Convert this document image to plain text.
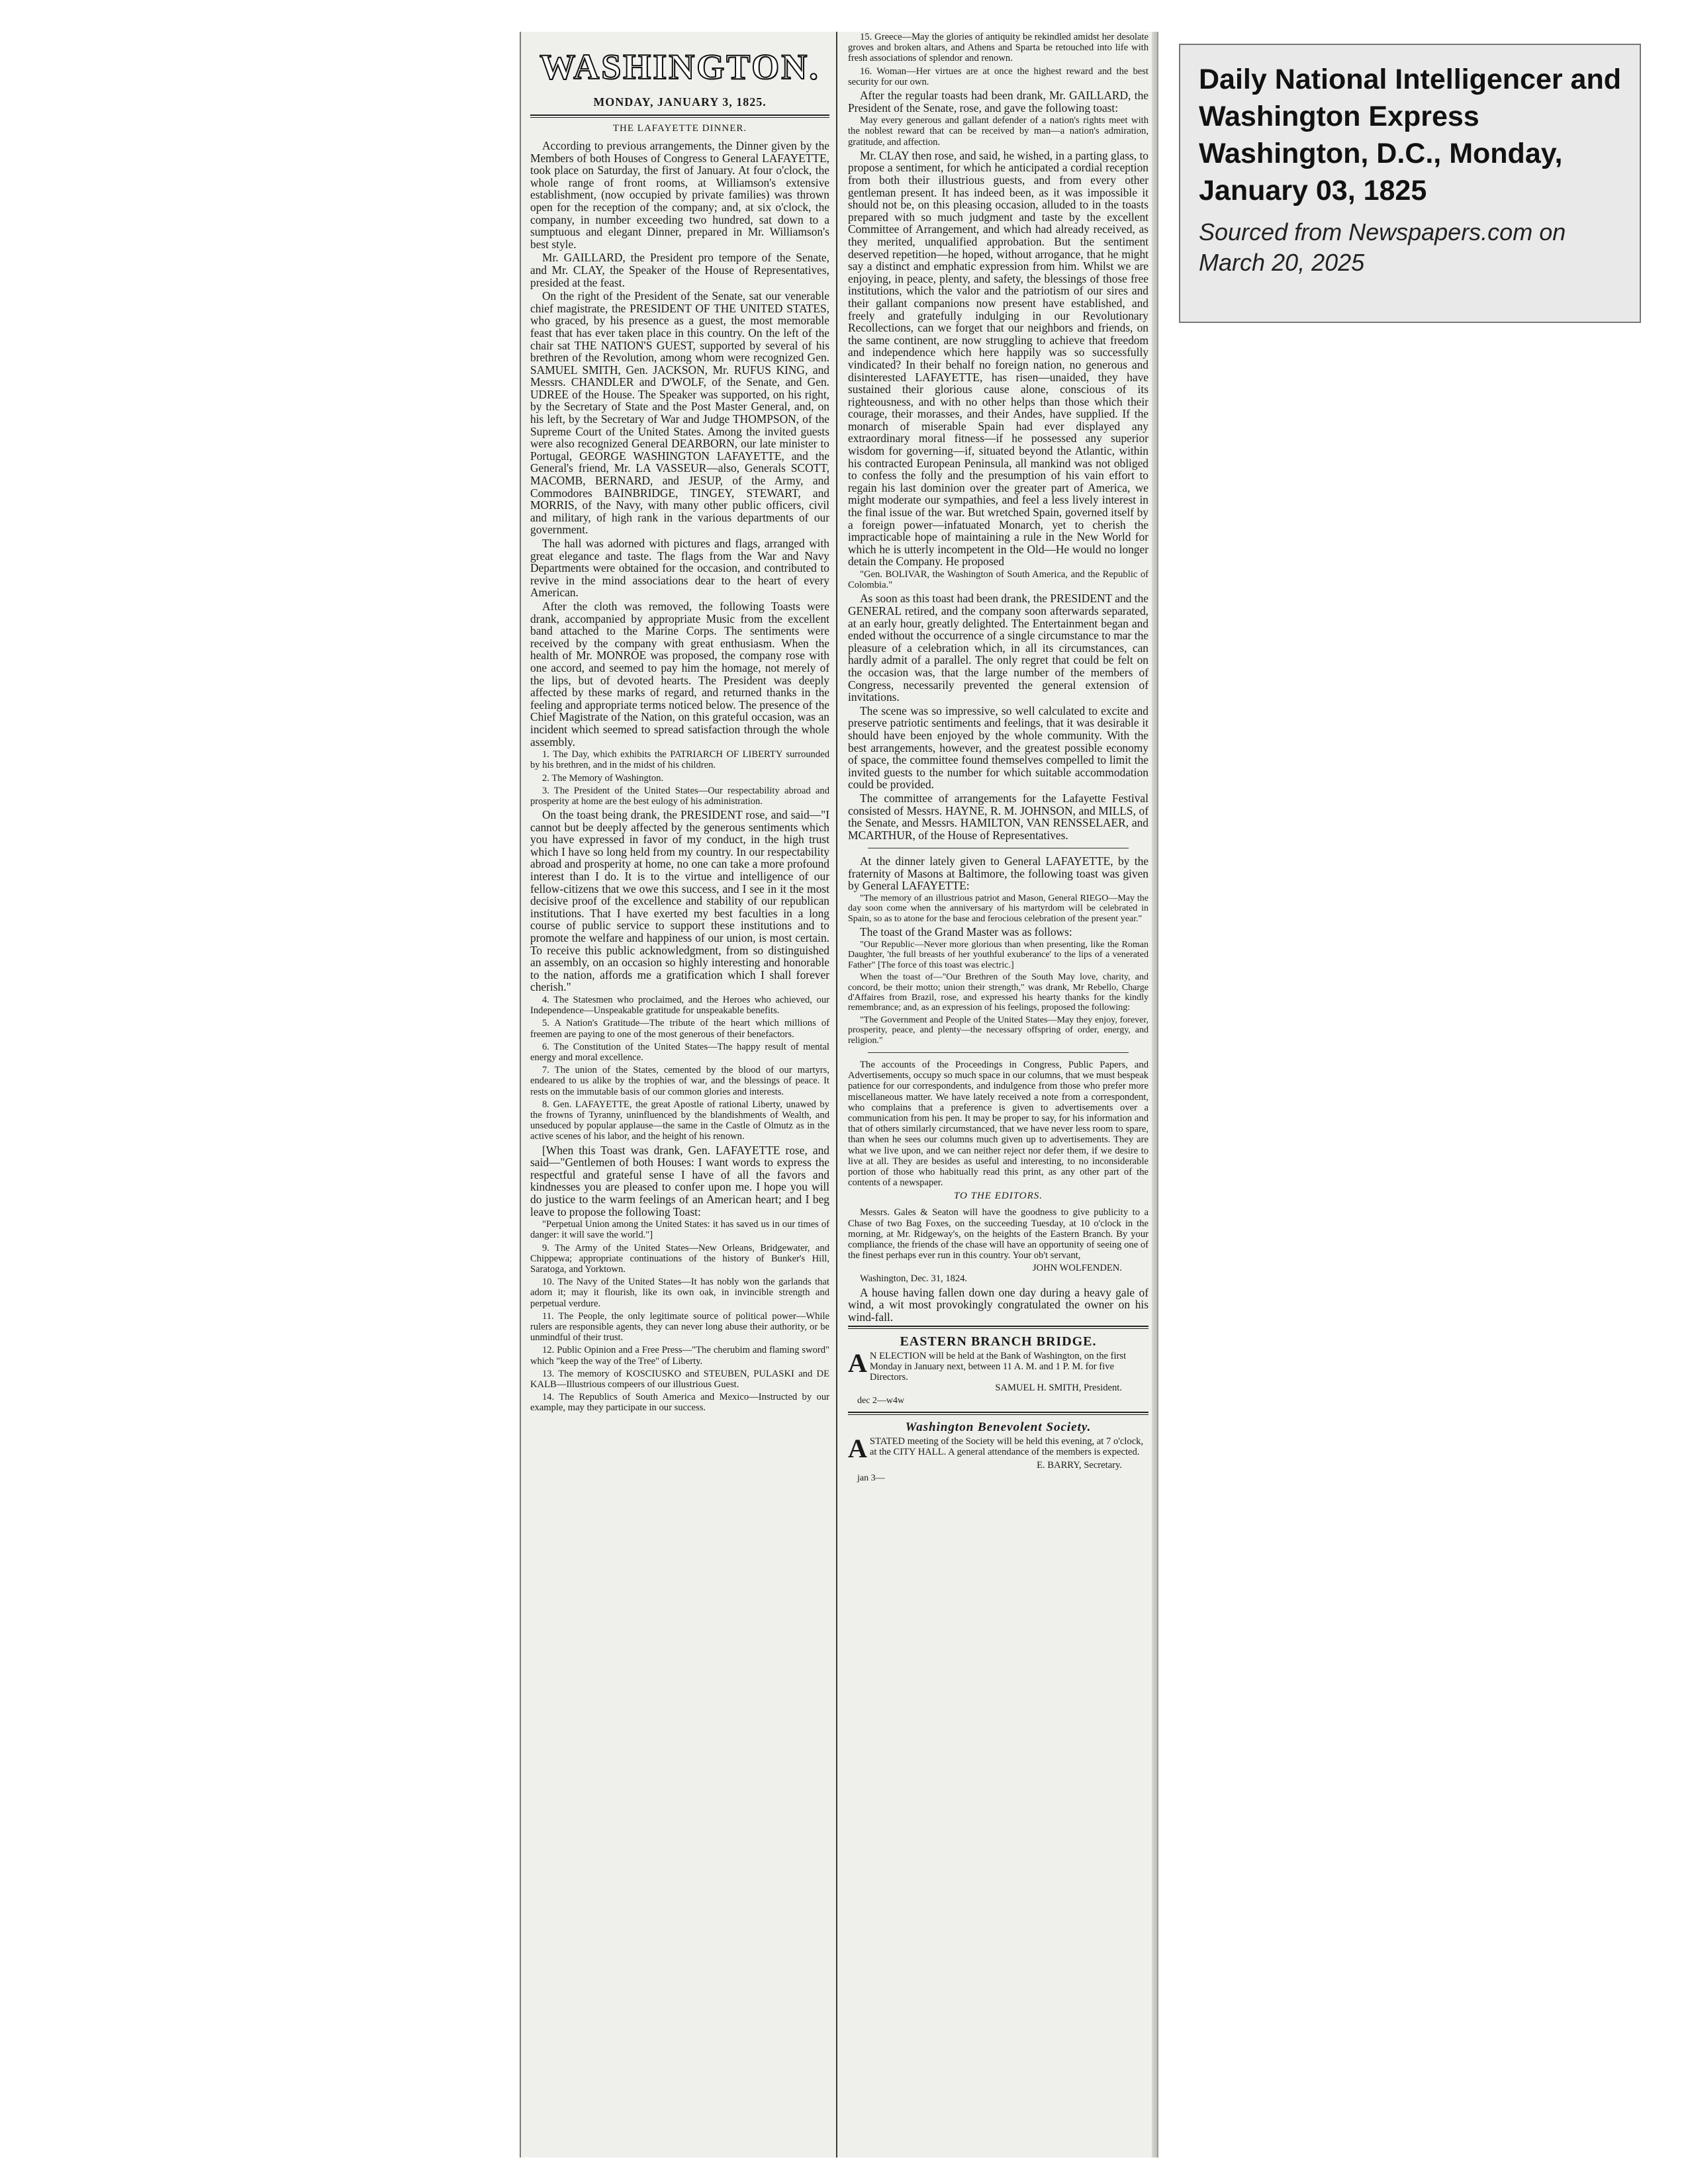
WASHINGTON.
MONDAY, JANUARY 3, 1825.
THE LAFAYETTE DINNER.

According to previous arrangements, the Dinner given by the Members of both Houses of Congress to General LAFAYETTE, took place on Saturday, the first of January. At four o'clock, the whole range of front rooms, at Williamson's extensive establishment, (now occupied by private families) was thrown open for the reception of the company; and, at six o'clock, the company, in number exceeding two hundred, sat down to a sumptuous and elegant Dinner, prepared in Mr. Williamson's best style.

Mr. GAILLARD, the President pro tempore of the Senate, and Mr. CLAY, the Speaker of the House of Representatives, presided at the feast.

On the right of the President of the Senate, sat our venerable chief magistrate, the PRESIDENT OF THE UNITED STATES, who graced, by his presence as a guest, the most memorable feast that has ever taken place in this country. On the left of the chair sat THE NATION'S GUEST, supported by several of his brethren of the Revolution, among whom were recognized Gen. SAMUEL SMITH, Gen. JACKSON, Mr. RUFUS KING, and Messrs. CHANDLER and D'WOLF, of the Senate, and Gen. UDREE of the House. The Speaker was supported, on his right, by the Secretary of State and the Post Master General, and, on his left, by the Secretary of War and Judge THOMPSON, of the Supreme Court of the United States. Among the invited guests were also recognized General DEARBORN, our late minister to Portugal, GEORGE WASHINGTON LAFAYETTE, and the General's friend, Mr. LA VASSEUR—also, Generals SCOTT, MACOMB, BERNARD, and JESUP, of the Army, and Commodores BAINBRIDGE, TINGEY, STEWART, and MORRIS, of the Navy, with many other public officers, civil and military, of high rank in the various departments of our government.

The hall was adorned with pictures and flags, arranged with great elegance and taste. The flags from the War and Navy Departments were obtained for the occasion, and contributed to revive in the mind associations dear to the heart of every American.

After the cloth was removed, the following Toasts were drank, accompanied by appropriate Music from the excellent band attached to the Marine Corps. The sentiments were received by the company with great enthusiasm. When the health of Mr. MONROE was proposed, the company rose with one accord, and seemed to pay him the homage, not merely of the lips, but of devoted hearts. The President was deeply affected by these marks of regard, and returned thanks in the feeling and appropriate terms noticed below. The presence of the Chief Magistrate of the Nation, on this grateful occasion, was an incident which seemed to spread satisfaction through the whole assembly.

1. The Day, which exhibits the PATRIARCH OF LIBERTY surrounded by his brethren, and in the midst of his children.

2. The Memory of Washington.

3. The President of the United States—Our respectability abroad and prosperity at home are the best eulogy of his administration.

On the toast being drank, the PRESIDENT rose, and said—"I cannot but be deeply affected by the generous sentiments which you have expressed in favor of my conduct, in the high trust which I have so long held from my country. In our respectability abroad and prosperity at home, no one can take a more profound interest than I do. It is to the virtue and intelligence of our fellow-citizens that we owe this success, and I see in it the most decisive proof of the excellence and stability of our republican institutions. That I have exerted my best faculties in a long course of public service to support these institutions and to promote the welfare and happiness of our union, is most certain. To receive this public acknowledgment, from so distinguished an assembly, on an occasion so highly interesting and honorable to the nation, affords me a gratification which I shall forever cherish."

4. The Statesmen who proclaimed, and the Heroes who achieved, our Independence—Unspeakable gratitude for unspeakable benefits.

5. A Nation's Gratitude—The tribute of the heart which millions of freemen are paying to one of the most generous of their benefactors.

6. The Constitution of the United States—The happy result of mental energy and moral excellence.

7. The union of the States, cemented by the blood of our martyrs, endeared to us alike by the trophies of war, and the blessings of peace. It rests on the immutable basis of our common glories and interests.

8. Gen. LAFAYETTE, the great Apostle of rational Liberty, unawed by the frowns of Tyranny, uninfluenced by the blandishments of Wealth, and unseduced by popular applause—the same in the Castle of Olmutz as in the active scenes of his labor, and the height of his renown.

[When this Toast was drank, Gen. LAFAYETTE rose, and said—"Gentlemen of both Houses: I want words to express the respectful and grateful sense I have of all the favors and kindnesses you are pleased to confer upon me. I hope you will do justice to the warm feelings of an American heart; and I beg leave to propose the following Toast:

"Perpetual Union among the United States: it has saved us in our times of danger: it will save the world."]

9. The Army of the United States—New Orleans, Bridgewater, and Chippewa; appropriate continuations of the history of Bunker's Hill, Saratoga, and Yorktown.

10. The Navy of the United States—It has nobly won the garlands that adorn it; may it flourish, like its own oak, in invincible strength and perpetual verdure.

11. The People, the only legitimate source of political power—While rulers are responsible agents, they can never long abuse their authority, or be unmindful of their trust.

12. Public Opinion and a Free Press—"The cherubim and flaming sword" which "keep the way of the Tree" of Liberty.

13. The memory of KOSCIUSKO and STEUBEN, PULASKI and DE KALB—Illustrious compeers of our illustrious Guest.

14. The Republics of South America and Mexico—Instructed by our example, may they participate in our success.

15. Greece—May the glories of antiquity be rekindled amidst her desolate groves and broken altars, and Athens and Sparta be retouched into life with fresh associations of splendor and renown.

16. Woman—Her virtues are at once the highest reward and the best security for our own.

After the regular toasts had been drank, Mr. GAILLARD, the President of the Senate, rose, and gave the following toast:

May every generous and gallant defender of a nation's rights meet with the noblest reward that can be received by man—a nation's admiration, gratitude, and affection.

Mr. CLAY then rose, and said, he wished, in a parting glass, to propose a sentiment, for which he anticipated a cordial reception from both their illustrious guests, and from every other gentleman present. It has indeed been, as it was impossible it should not be, on this pleasing occasion, alluded to in the toasts prepared with so much judgment and taste by the excellent Committee of Arrangement, and which had already received, as they merited, unqualified approbation. But the sentiment deserved repetition—he hoped, without arrogance, that he might say a distinct and emphatic expression from him. Whilst we are enjoying, in peace, plenty, and safety, the blessings of those free institutions, which the valor and the patriotism of our sires and their gallant companions now present have established, and freely and gratefully indulging in our Revolutionary Recollections, can we forget that our neighbors and friends, on the same continent, are now struggling to achieve that freedom and independence which here happily was so successfully vindicated? In their behalf no foreign nation, no generous and disinterested LAFAYETTE, has risen—unaided, they have sustained their glorious cause alone, conscious of its righteousness, and with no other helps than those which their courage, their morasses, and their Andes, have supplied. If the monarch of miserable Spain had ever displayed any extraordinary moral fitness—if he possessed any superior wisdom for governing—if, situated beyond the Atlantic, within his contracted European Peninsula, all mankind was not obliged to confess the folly and the presumption of his vain effort to regain his last dominion over the greater part of America, we might moderate our sympathies, and feel a less lively interest in the final issue of the war. But wretched Spain, governed itself by a foreign power—infatuated Monarch, yet to cherish the impracticable hope of maintaining a rule in the New World for which he is utterly incompetent in the Old—He would no longer detain the Company. He proposed

"Gen. BOLIVAR, the Washington of South America, and the Republic of Colombia."

As soon as this toast had been drank, the PRESIDENT and the GENERAL retired, and the company soon afterwards separated, at an early hour, greatly delighted. The Entertainment began and ended without the occurrence of a single circumstance to mar the pleasure of a celebration which, in all its circumstances, can hardly admit of a parallel. The only regret that could be felt on the occasion was, that the large number of the members of Congress, necessarily prevented the general extension of invitations.

The scene was so impressive, so well calculated to excite and preserve patriotic sentiments and feelings, that it was desirable it should have been enjoyed by the whole community. With the best arrangements, however, and the greatest possible economy of space, the committee found themselves compelled to limit the invited guests to the number for which suitable accommodation could be provided.

The committee of arrangements for the Lafayette Festival consisted of Messrs. HAYNE, R. M. JOHNSON, and MILLS, of the Senate, and Messrs. HAMILTON, VAN RENSSELAER, and MCARTHUR, of the House of Representatives.

At the dinner lately given to General LAFAYETTE, by the fraternity of Masons at Baltimore, the following toast was given by General LAFAYETTE:

"The memory of an illustrious patriot and Mason, General RIEGO—May the day soon come when the anniversary of his martyrdom will be celebrated in Spain, so as to atone for the base and ferocious celebration of the present year."

The toast of the Grand Master was as follows:

"Our Republic—Never more glorious than when presenting, like the Roman Daughter, 'the full breasts of her youthful exuberance' to the lips of a venerated Father" [The force of this toast was electric.]

When the toast of—"Our Brethren of the South May love, charity, and concord, be their motto; union their strength," was drank, Mr Rebello, Charge d'Affaires from Brazil, rose, and expressed his hearty thanks for the kindly remembrance; and, as an expression of his feelings, proposed the following:

"The Government and People of the United States—May they enjoy, forever, prosperity, peace, and plenty—the necessary offspring of order, energy, and religion."

The accounts of the Proceedings in Congress, Public Papers, and Advertisements, occupy so much space in our columns, that we must bespeak patience for our correspondents, and indulgence from those who prefer more miscellaneous matter. We have lately received a note from a correspondent, who complains that a preference is given to advertisements over a communication from his pen. It may be proper to say, for his information and that of others similarly circumstanced, that we have never less room to spare, than when he sees our columns much given up to advertisements. They are what we live upon, and we can neither reject nor defer them, if we desire to live at all. They are besides as useful and interesting, to no inconsiderable portion of those who habitually read this print, as any other part of the contents of a newspaper.

TO THE EDITORS.

Messrs. Gales & Seaton will have the goodness to give publicity to a Chase of two Bag Foxes, on the succeeding Tuesday, at 10 o'clock in the morning, at Mr. Ridgeway's, on the heights of the Eastern Branch. By your compliance, the friends of the chase will have an opportunity of seeing one of the finest perhaps ever run in this country. Your ob't servant,

JOHN WOLFENDEN.

Washington, Dec. 31, 1824.

A house having fallen down one day during a heavy gale of wind, a wit most provokingly congratulated the owner on his wind-fall.

EASTERN BRANCH BRIDGE.

A N ELECTION will be held at the Bank of Washington, on the first Monday in January next, between 11 A. M. and 1 P. M. for five Directors.

SAMUEL H. SMITH, President.

dec 2—w4w

Washington Benevolent Society.

ASTATED meeting of the Society will be held this evening, at 7 o'clock, at the CITY HALL. A general attendance of the members is expected.

E. BARRY, Secretary.

jan 3—

Daily National Intelligencer and Washington Express Washington, D.C., Monday, January 03, 1825

Sourced from Newspapers.com on March 20, 2025
